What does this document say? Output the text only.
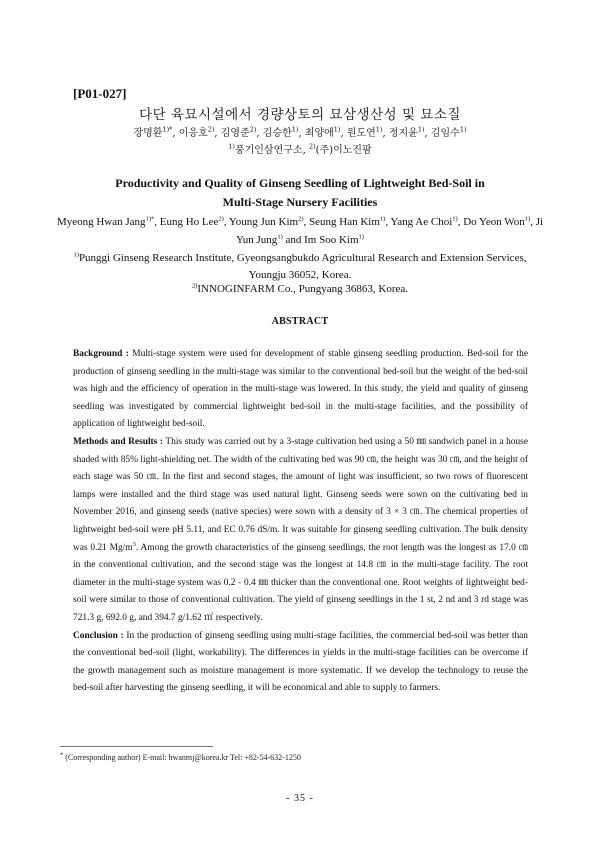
[P01-027]
다단 육묘시설에서 경량상토의 묘삼생산성 및 묘소질
장명환$^{1)*}$, 이응호$^{2)}$, 김영준$^{2)}$, 김승한$^{1)}$, 최양애$^{1)}$, 원도연$^{1)}$, 정지윤$^{1)}$, 김임수$^{1)}$
$^{1)}$풍기인삼연구소, $^{2)}$(주)이노진팜
Productivity and Quality of Ginseng Seedling of Lightweight Bed-Soil in
Multi-Stage Nursery Facilities
Myeong Hwan Jang$^{1)*}$, Eung Ho Lee$^{2)}$, Young Jun Kim$^{2)}$, Seung Han Kim$^{1)}$, Yang Ae Choi$^{1)}$, Do Yeon Won$^{1)}$, Ji Yun Jung$^{1)}$ and Im Soo Kim$^{1)}$
$^{1)}$Punggi Ginseng Research Institute, Gyeongsangbukdo Agricultural Research and Extension Services, Youngju 36052, Korea.
$^{2)}$INNOGINFARM Co., Pungyang 36863, Korea.
ABSTRACT

Background : Multi-stage system were used for development of stable ginseng seedling production. Bed-soil for the production of ginseng seedling in the multi-stage was similar to the conventional bed-soil but the weight of the bed-soil was high and the efficiency of operation in the multi-stage was lowered. In this study, the yield and quality of ginseng seedling was investigated by commercial lightweight bed-soil in the multi-stage facilities, and the possibility of application of lightweight bed-soil.

Methods and Results : This study was carried out by a 3-stage cultivation bed using a 50 ㎜ sandwich panel in a house shaded with 85% light-shielding net. The width of the cultivating bed was 90 ㎝, the height was 30 ㎝, and the height of each stage was 50 ㎝. In the first and second stages, the amount of light was insufficient, so two rows of fluorescent lamps were installed and the third stage was used natural light. Ginseng seeds were sown on the cultivating bed in November 2016, and ginseng seeds (native species) were sown with a density of 3 × 3 ㎝. The chemical properties of lightweight bed-soil were pH 5.11, and EC 0.76 dS/m. It was suitable for ginseng seedling cultivation. The bulk density was 0.21 $Mg/m^3$. Among the growth characteristics of the ginseng seedlings, the root length was the longest as 17.0 ㎝ in the conventional cultivation, and the second stage was the longest at 14.8 ㎝ in the multi-stage facility. The root diameter in the multi-stage system was 0.2 - 0.4 ㎜ thicker than the conventional one. Root weights of lightweight bed-soil were similar to those of conventional cultivation. The yield of ginseng seedlings in the 1 st, 2 nd and 3 rd stage was 721.3 g, 692.0 g, and 394.7 g/1.62 ㎡ respectively.

Conclusion : In the production of ginseng seedling using multi-stage facilities, the commercial bed-soil was better than the conventional bed-soil (light, workability). The differences in yields in the multi-stage facilities can be overcome if the growth management such as moisture management is more systematic. If we develop the technology to reuse the bed-soil after harvesting the ginseng seedling, it will be economical and able to supply to farmers.

* (Corresponding author) E-mail: hwanmj@korea.kr Tel: +82-54-632-1250
- 35 -
